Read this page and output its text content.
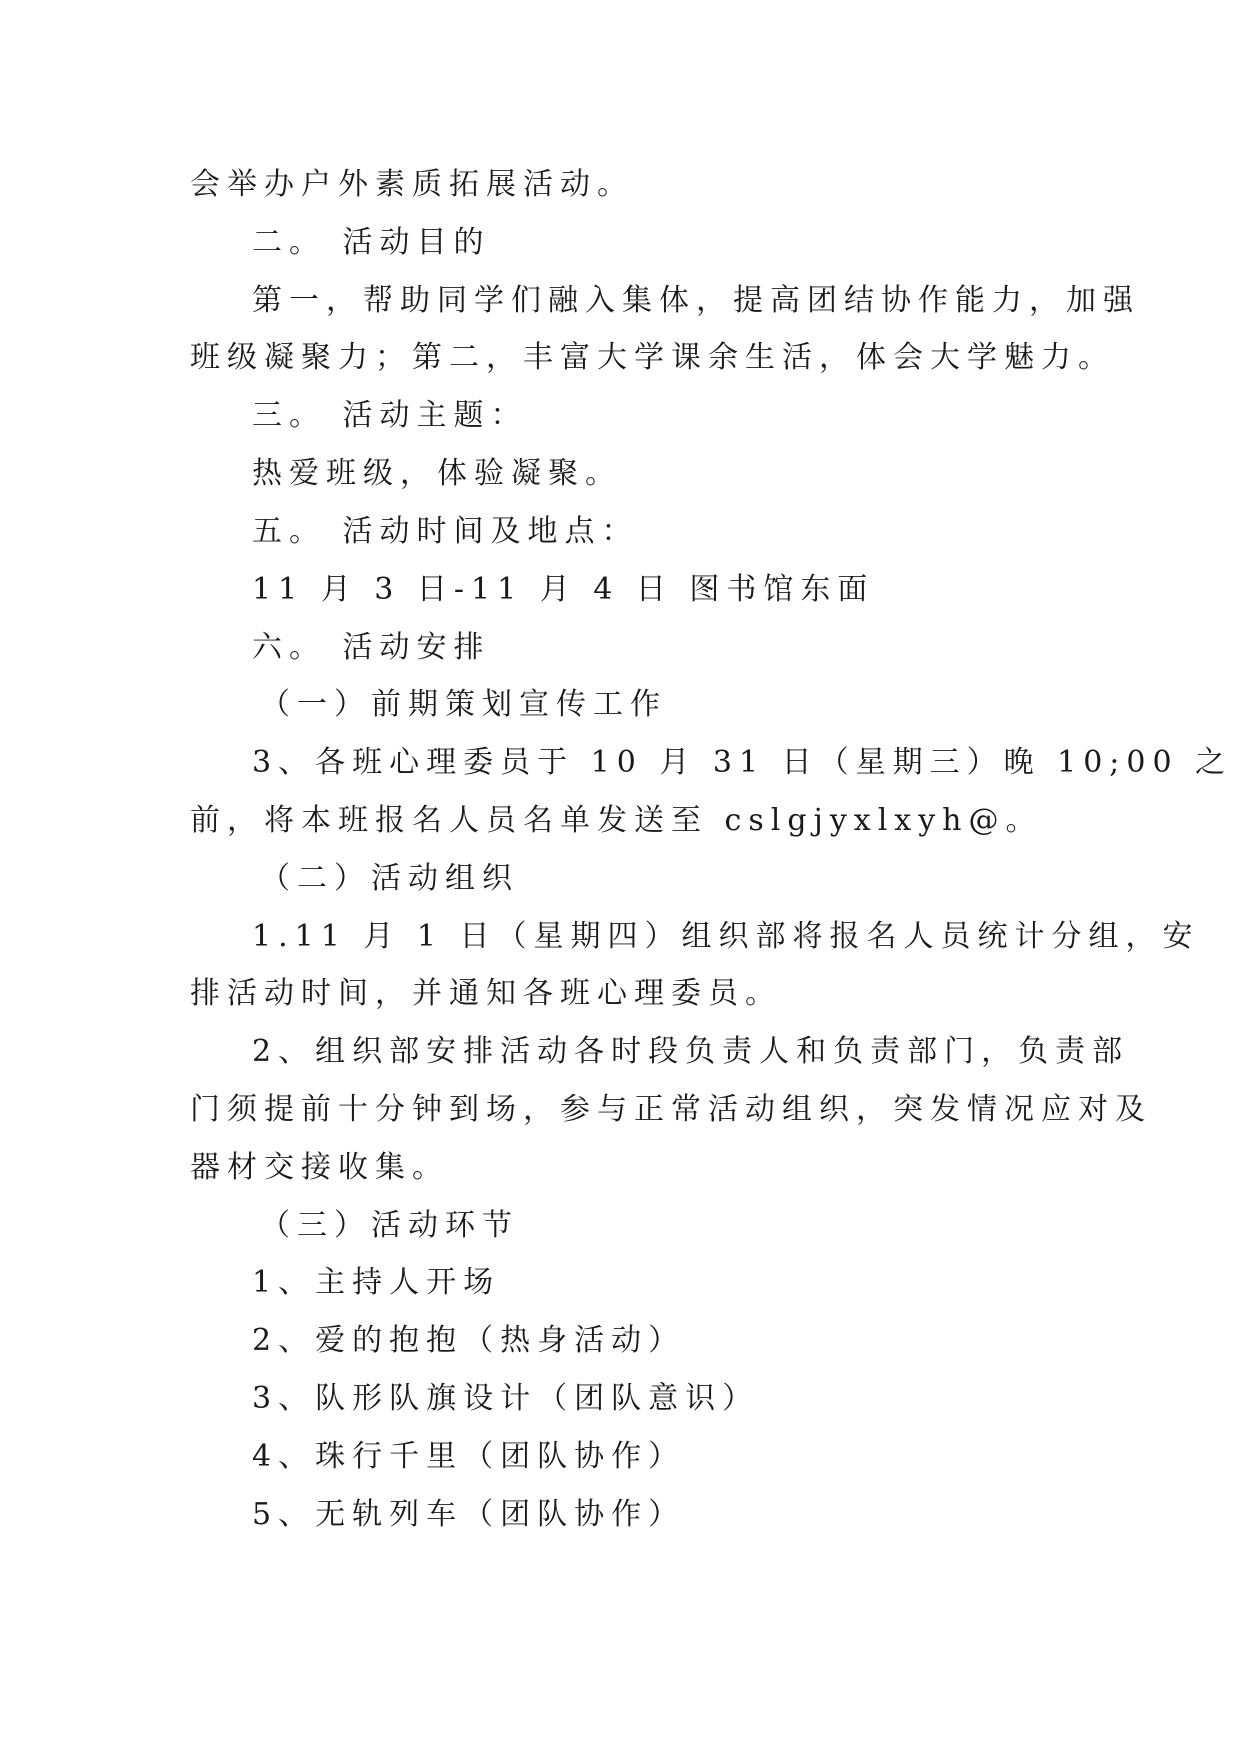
会举办户外素质拓展活动。
二。 活动目的
第一，帮助同学们融入集体，提高团结协作能力，加强
班级凝聚力；第二，丰富大学课余生活，体会大学魅力。
三。 活动主题：
热爱班级，体验凝聚。
五。 活动时间及地点：
11 月 3 日-11 月 4 日 图书馆东面
六。 活动安排
（一）前期策划宣传工作
3、各班心理委员于 10 月 31 日（星期三）晚 10;00 之
前，将本班报名人员名单发送至 cslgjyxlxyh@。
（二）活动组织
1.11 月 1 日（星期四）组织部将报名人员统计分组，安
排活动时间，并通知各班心理委员。
2、组织部安排活动各时段负责人和负责部门，负责部
门须提前十分钟到场，参与正常活动组织，突发情况应对及
器材交接收集。
（三）活动环节
1、主持人开场
2、爱的抱抱（热身活动）
3、队形队旗设计（团队意识）
4、珠行千里（团队协作）
5、无轨列车（团队协作）
